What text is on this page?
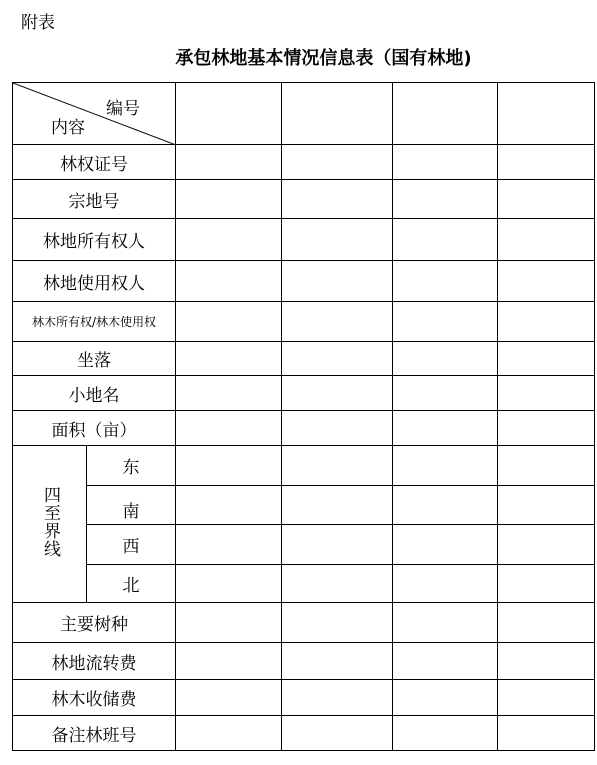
附表
承包林地基本情况信息表（国有林地)
编号
内容					

林权证号					
宗地号					
林地所有权人					
林地使用权人					
林木所有权/林木使用权					
坐落					
小地名					
面积（亩）					
四至界线	东				
	南				
	西				
	北				
主要树种					
林地流转费					
林木收储费					
备注林班号					
